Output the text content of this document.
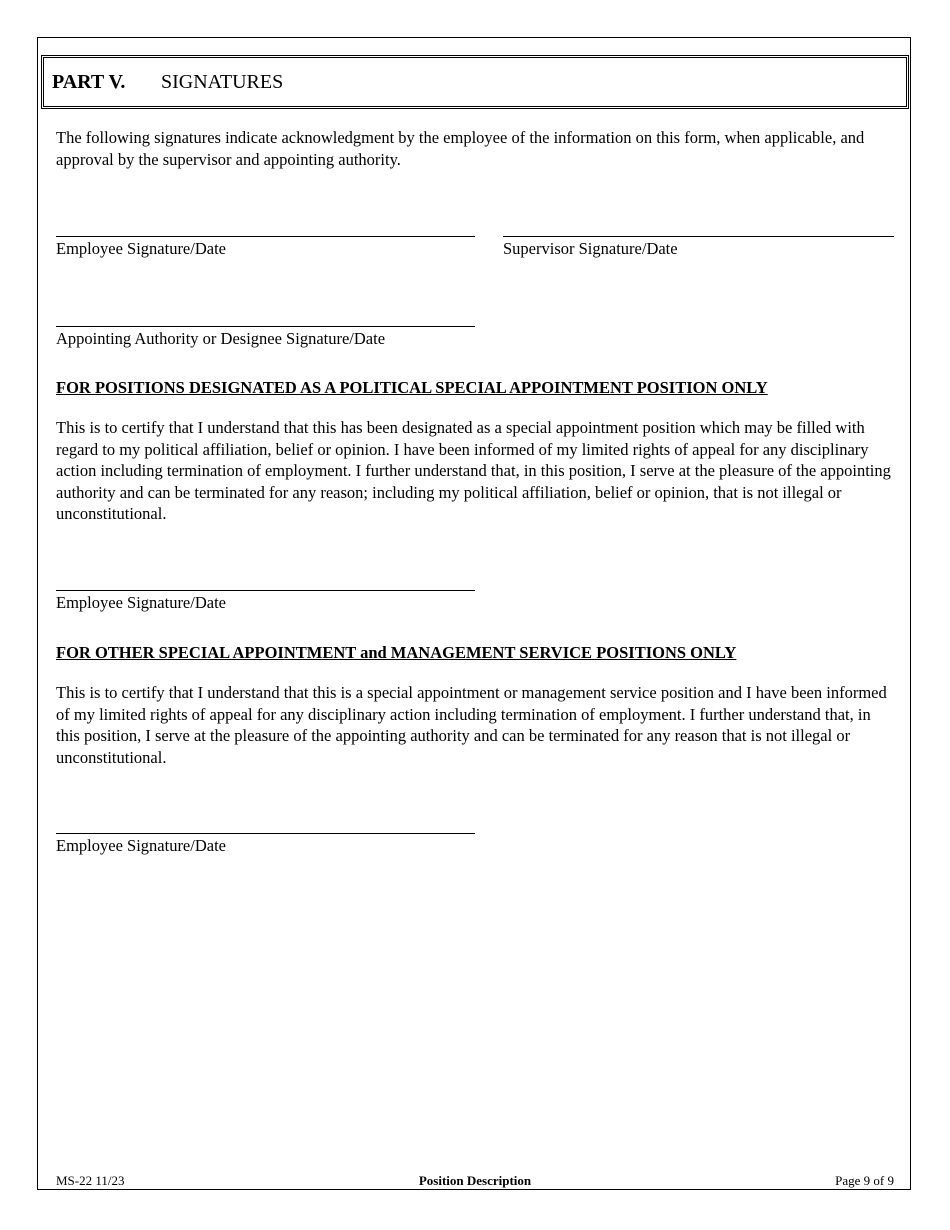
PART V.	SIGNATURES

The following signatures indicate acknowledgment by the employee of the information on this form, when applicable, and approval by the supervisor and appointing authority.

Employee Signature/Date	Supervisor Signature/Date
Appointing Authority or Designee Signature/Date
FOR POSITIONS DESIGNATED AS A POLITICAL SPECIAL APPOINTMENT POSITION ONLY

This is to certify that I understand that this has been designated as a special appointment position which may be filled with regard to my political affiliation, belief or opinion. I have been informed of my limited rights of appeal for any disciplinary action including termination of employment. I further understand that, in this position, I serve at the pleasure of the appointing authority and can be terminated for any reason; including my political affiliation, belief or opinion, that is not illegal or unconstitutional.

Employee Signature/Date
FOR OTHER SPECIAL APPOINTMENT and MANAGEMENT SERVICE POSITIONS ONLY

This is to certify that I understand that this is a special appointment or management service position and I have been informed of my limited rights of appeal for any disciplinary action including termination of employment. I further understand that, in this position, I serve at the pleasure of the appointing authority and can be terminated for any reason that is not illegal or unconstitutional.

Employee Signature/Date
MS-22 11/23	Position Description	Page 9 of 9
